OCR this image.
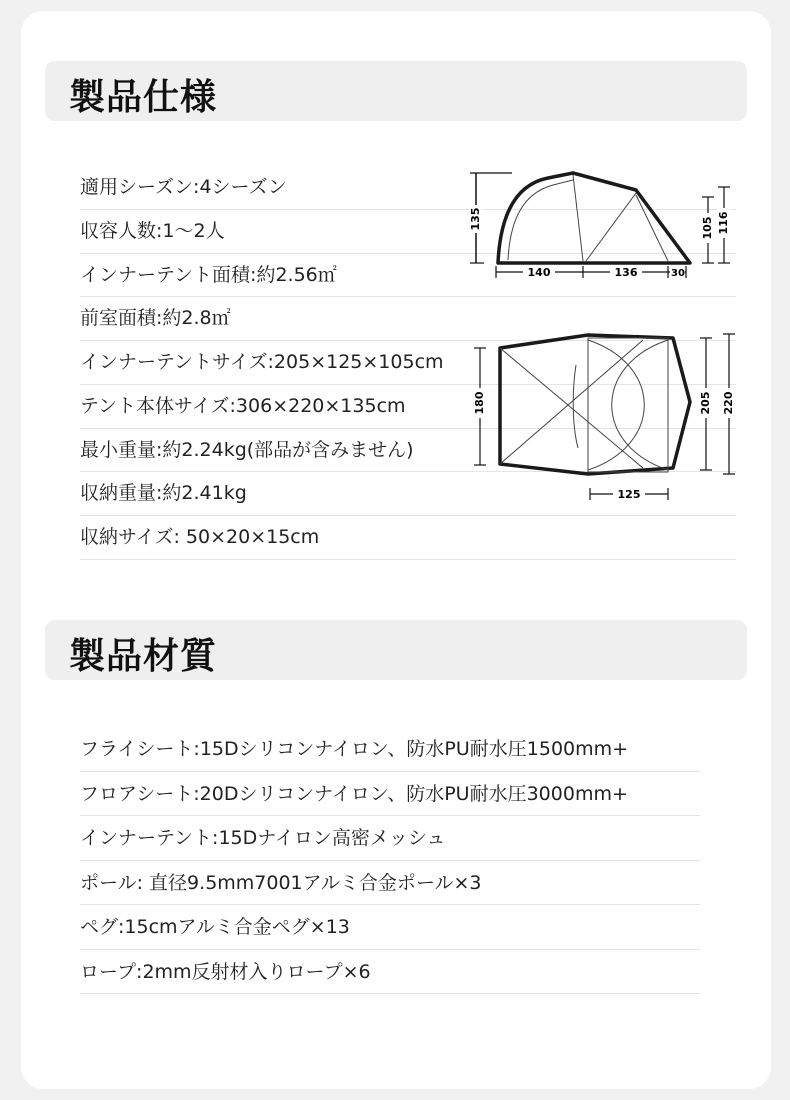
製品仕様
適用シーズン:4シーズン
収容人数:1～2人
インナーテント面積:約2.56㎡
前室面積:約2.8㎡
インナーテントサイズ:205×125×105cm
テント本体サイズ:306×220×135cm
最小重量:約2.24kg(部品が含みません)
収納重量:約2.41kg
収納サイズ: 50×20×15cm
135
140	136	30
105 116
180	205 220
125
製品材質
フライシート:15Dシリコンナイロン、防水PU耐水圧1500mm+
フロアシート:20Dシリコンナイロン、防水PU耐水圧3000mm+
インナーテント:15Dナイロン高密メッシュ
ポール: 直径9.5mm7001アルミ合金ポール×3
ペグ:15cmアルミ合金ペグ×13
ロープ:2mm反射材入りロープ×6
